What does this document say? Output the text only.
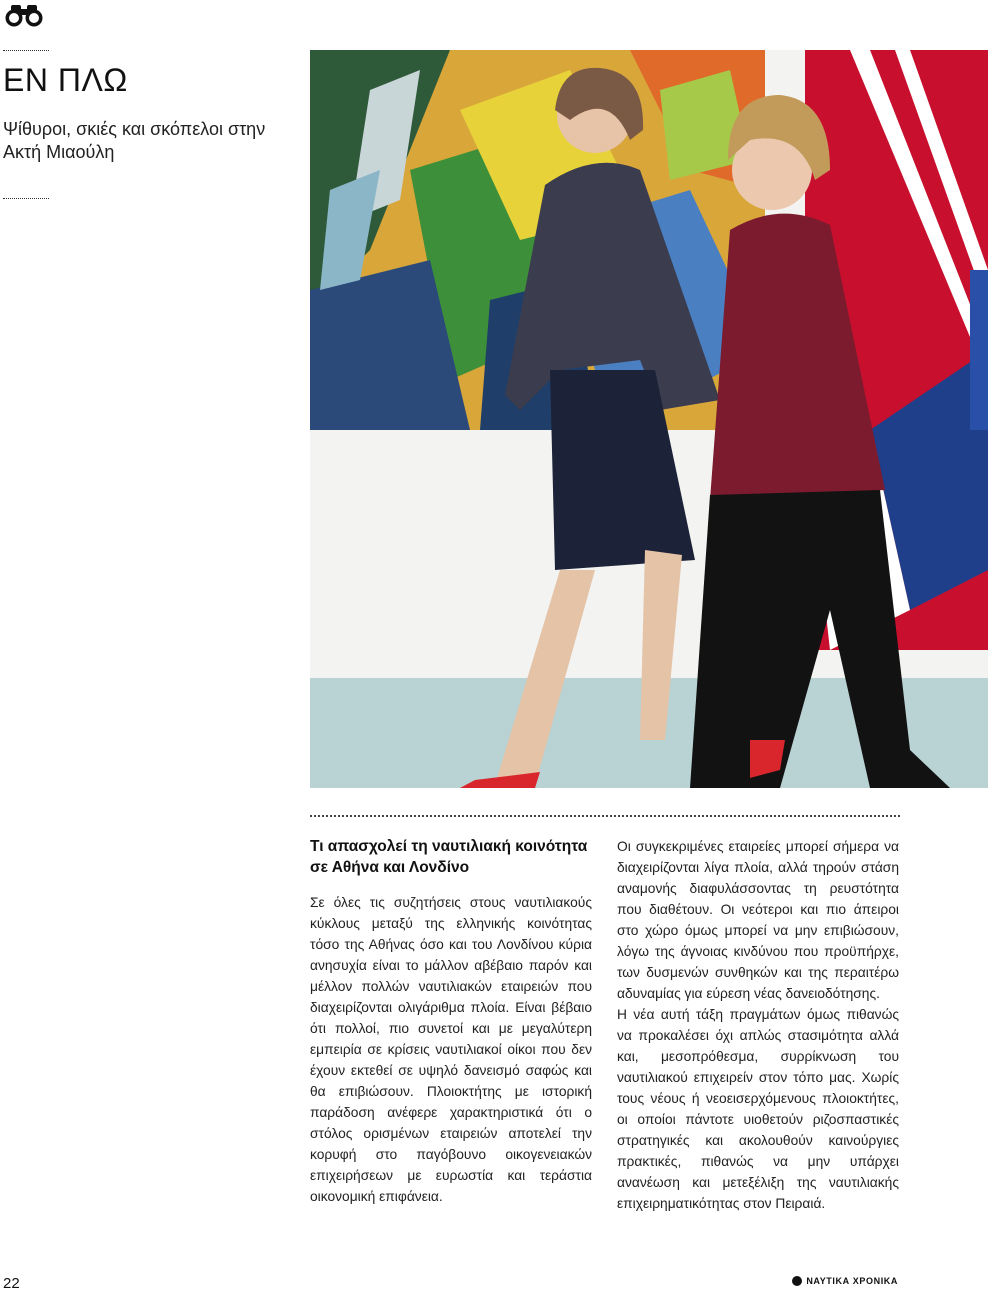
ΕΝ ΠΛΩ
Ψίθυροι, σκιές και σκόπελοι στην Ακτή Μιαούλη
Τι απασχολεί τη ναυτιλιακή κοινότητα σε Αθήνα και Λονδίνο

Σε όλες τις συζητήσεις στους ναυτιλιακούς κύκλους μεταξύ της ελληνικής κοινότητας τόσο της Αθήνας όσο και του Λονδίνου κύρια ανησυχία είναι το μάλλον αβέβαιο παρόν και μέλλον πολλών ναυτιλιακών εταιρειών που διαχειρίζονται ολιγάριθμα πλοία. Είναι βέβαιο ότι πολλοί, πιο συνετοί και με μεγαλύτερη εμπειρία σε κρίσεις ναυτιλιακοί οίκοι που δεν έχουν εκτεθεί σε υψηλό δανεισμό σαφώς και θα επιβιώσουν. Πλοιοκτήτης με ιστορική παράδοση ανέφερε χαρακτηριστικά ότι ο στόλος ορισμένων εταιρειών αποτελεί την κορυφή στο παγόβουνο οικογενειακών επιχειρήσεων με ευρωστία και τεράστια οικονομική επιφάνεια.

Οι συγκεκριμένες εταιρείες μπορεί σήμερα να διαχειρίζονται λίγα πλοία, αλλά τηρούν στάση αναμονής διαφυλάσσοντας τη ρευστότητα που διαθέτουν. Οι νεότεροι και πιο άπειροι στο χώρο όμως μπορεί να μην επιβιώσουν, λόγω της άγνοιας κινδύνου που προϋπήρχε, των δυσμενών συνθηκών και της περαιτέρω αδυναμίας για εύρεση νέας δανειοδότησης.

Η νέα αυτή τάξη πραγμάτων όμως πιθανώς να προκαλέσει όχι απλώς στασιμότητα αλλά και, μεσοπρόθεσμα, συρρίκνωση του ναυτιλιακού επιχειρείν στον τόπο μας. Χωρίς τους νέους ή νεοεισερχόμενους πλοιοκτήτες, οι οποίοι πάντοτε υιοθετούν ριζοσπαστικές στρατηγικές και ακολουθούν καινούργιες πρακτικές, πιθανώς να μην υπάρχει ανανέωση και μετεξέλιξη της ναυτιλιακής επιχειρηματικότητας στον Πειραιά.

22	ΝΑΥΤΙΚΑ ΧΡΟΝΙΚΑ
